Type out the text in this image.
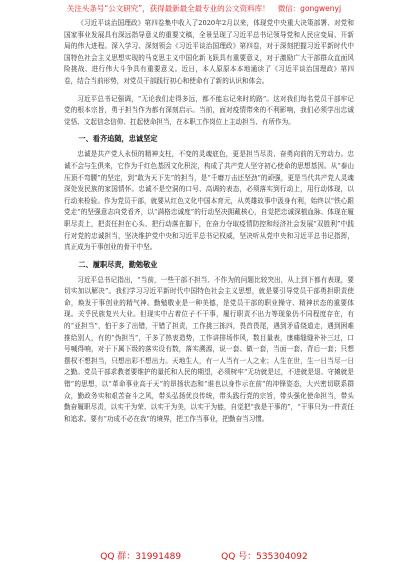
关注头条号“公文研究”，获得最新最全最专业的公文资料库！ 微信：gongwenyj

《习近平谈治国理政》第四卷集中收入了2020年2月以来，体现党中央重大决策部署、对党和国家事业发展具有深远指导意义的重要文稿，全景呈现了习近平总书记领导党和人民应变局、开新局的伟大进程。深入学习、深刻领会《习近平谈治国理政》第四卷，对于深刻把握习近平新时代中国特色社会主义思想实现的马克思主义中国化新飞跃具有重要意义，对于激励广大干部群众直面风险挑战、进行伟大斗争具有重要意义。近日，本人原原本本地通读了《习近平谈治国理政》第四卷，结合当前形势，对党员干部践行初心和使命有了新的认识和体会。

习近平总书记强调，“无论我们走得多远，都不能忘记来时的路”。这对我们每名党员干部牢记党的根本宗旨，勇于担当作为都有深刻启示。当前，面对疫情带来的不利影响，我们必须学出忠诚觉悟、文起信念信仰、扛起使命担当，在本职工作岗位上主动担当、有所作为。

一、看齐追随，忠诚坚定

忠诚是共产党人永恒的精神支柱，不变的灵魂底色，更是担当尽责、奋勇向前的无穷动力。忠诚不会与生俱来，它作为千红色基因文化积淀，构成了共产党人坚守初心使命的思想基因。从“泰山压顶不弯腰”的坚定，到“敢为天下先”的担当，是“千磨万击还坚劲”的顽强，更是当代共产党人灵魂深处发民族的家国情怀。忠诚不是空洞的口号、高调的表态，必须落实到行动上，用行动体现，以行动来检验。作为党员干部，就要从红色文化中国本育元，从英雄故事中汲身有利，始终以“铁心跟党走”的坚强意志向党看齐，以“满格忠诚度”的行动坚决拥戴核心，自觉把忠诚深植血脉、体现在履职尽责上，把责任担在心头、把行动落在脚下，在奋力夺取疫情防控和经济社会发展“双胜利”中践行对党的忠诚担当，坚决维护党中央和习近平总书记权威，坚决听从党中央和习近平总书记指挥，真正成为干事创业的骨干中坚。

二、履职尽责，勤勉敬业

习近平总书记指出，“当前，一些干部不担当、不作为的问题比较突出，从上到下都有表现，要切实加以解决”。我们学习习近平新时代中国特色社会主义思想，就是要引导党员干部勇担职责使命，焕发干事创业的精气神。勤勉敬业是一种美德，是党员干部的职业操守、精神状态的重要体现。关乎民族复兴大业。但现实中占着位子不干事，履行职责不出力等现象仍不同程度存在，有的“亚担当”，怕干多了出错，干错了担责，工作挑三拣四，畏首畏尾，遇到矛盾绕道走，遇到困难推给别人，有的“伪担当”，干多了热衷造势，工作讲排场作风，数目量表，康痛缝缝补补三过，口号喊得响，对于下属下级的落实设有数，落实溯源，说一套、做一套，当面一套、背后一套；只想摆权不想担当，只想出彩不想出力。天地生人，有一人当有一人之业；人生在世，生一日当尽一日之勤。党员干部求教者要维护的量托和人民的期望，必须树牢“无功就是过，不进就是退、守摊就是错”的思想，以“革命事业高于天”的昂扬状态和“谁也以身作示在前”的冲锋姿态，大兴密切联系群众，勤政务实和艰苦奋斗之风，带头弘扬优良传统，带头践行党的宗旨，带头强化使命担当，带头勤奋履职尽责，以实干为荣、以实干为美，以实干为能，自觉把“我是干事的”，“干事只为一件责任和追求。要有“功成不必在我”的境界，把工作当事业，把勤奋当习惯。

QQ 群：31991489	QQ 号：535304092
